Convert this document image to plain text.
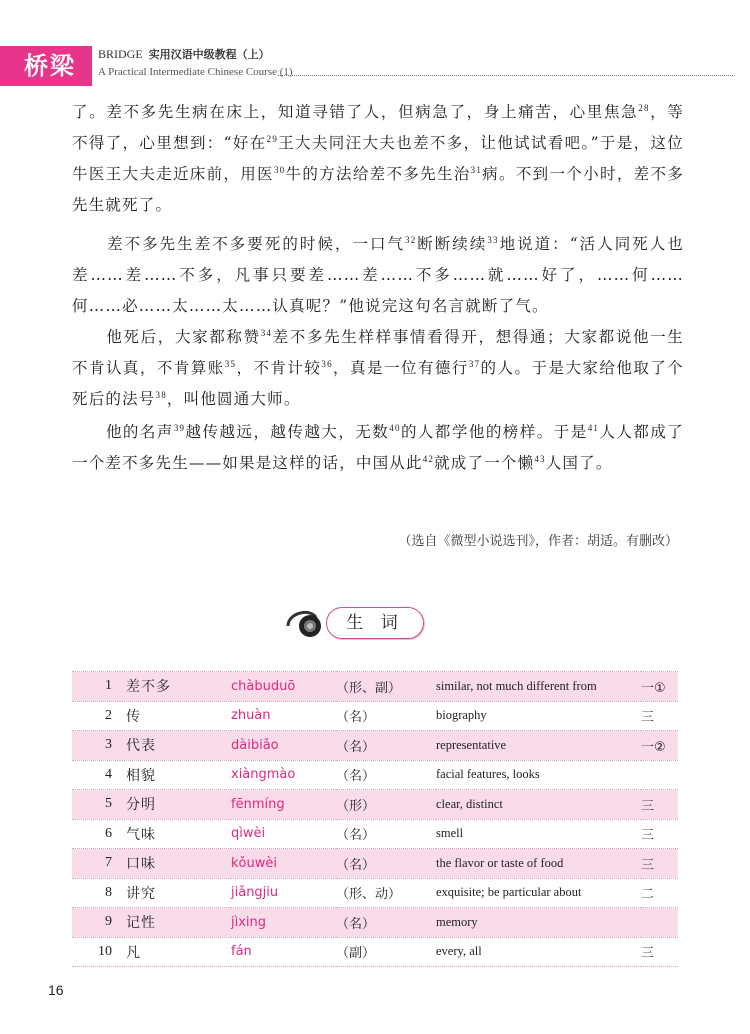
桥梁	BRIDGE 实用汉语中级教程（上）
A Practical Intermediate Chinese Course (1)
了。差不多先生病在床上，知道寻错了人，但病急了，身上痛苦，心里焦急$^{28}$，等不得了，心里想到：“好在$^{29}$王大夫同汪大夫也差不多，让他试试看吧。”于是，这位牛医王大夫走近床前，用医$^{30}$牛的方法给差不多先生治$^{31}$病。不到一个小时，差不多先生就死了。
　　差不多先生差不多要死的时候，一口气$^{32}$断断续续$^{33}$地说道：“活人同死人也差……差……不多，凡事只要差……差……不多……就……好了，……何……何……必……太……太……认真呢？”他说完这句名言就断了气。
　　他死后，大家都称赞$^{34}$差不多先生样样事情看得开，想得通；大家都说他一生不肯认真，不肯算账$^{35}$，不肯计较$^{36}$，真是一位有德行$^{37}$的人。于是大家给他取了个死后的法号$^{38}$，叫他圆通大师。
　　他的名声$^{39}$越传越远，越传越大，无数$^{40}$的人都学他的榜样。于是$^{41}$人人都成了一个差不多先生——如果是这样的话，中国从此$^{42}$就成了一个懒$^{43}$人国了。
（选自《微型小说选刊》，作者：胡适。有删改）
生 词
1	差不多	chàbuduō	（形、副）	similar, not much different from	一①
2	传	zhuàn	（名）	biography	三
3	代表	dàibiǎo	（名）	representative	一②
4	相貌	xiàngmào	（名）	facial features, looks	
5	分明	fēnmíng	（形）	clear, distinct	三
6	气味	qìwèi	（名）	smell	三
7	口味	kǒuwèi	（名）	the flavor or taste of food	三
8	讲究	jiǎngjiu	（形、动）	exquisite; be particular about	二
9	记性	jìxing	（名）	memory	
10	凡	fán	（副）	every, all	三
16
